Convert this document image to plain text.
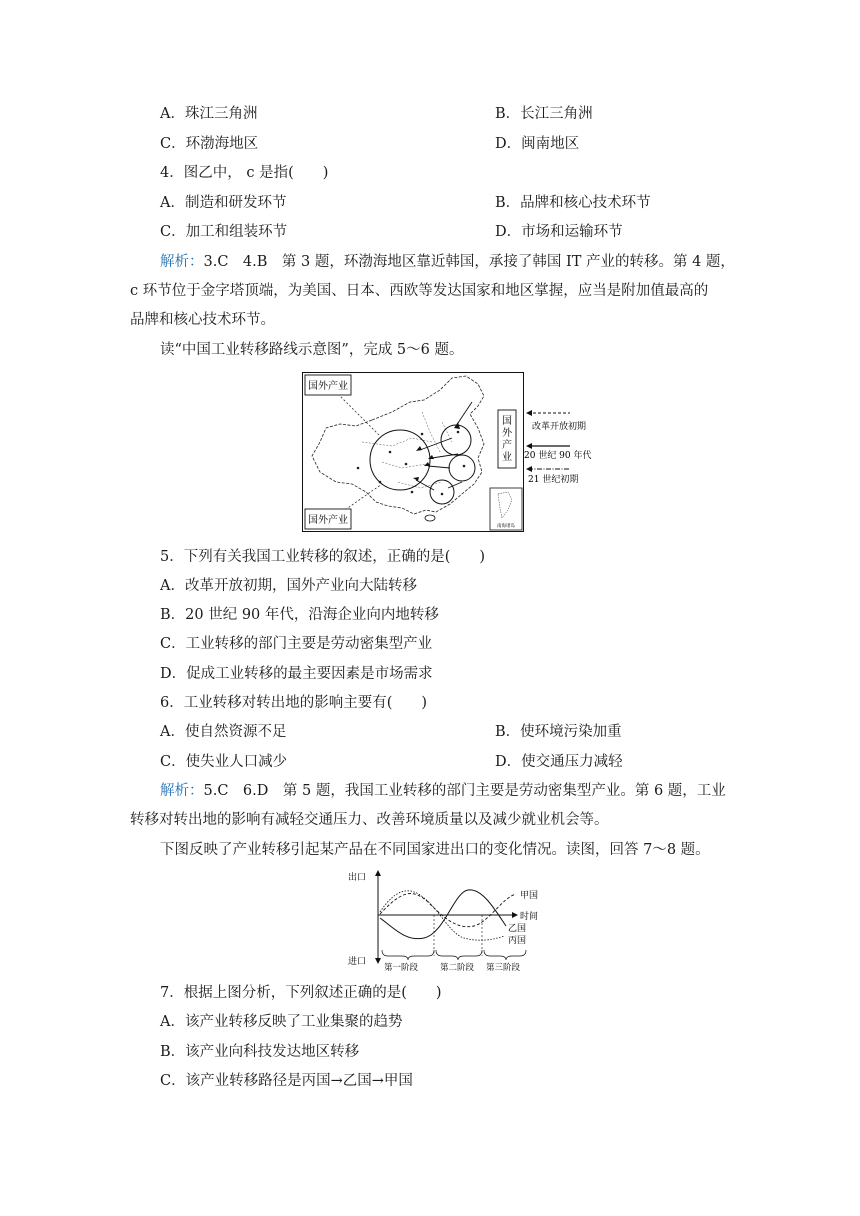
A．珠江三角洲	B．长江三角洲
C．环渤海地区	D．闽南地区
4．图乙中， c 是指(　　)
A．制造和研发环节	B．品牌和核心技术环节
C．加工和组装环节	D．市场和运输环节
解析：3.C　4.B　第 3 题，环渤海地区靠近韩国，承接了韩国 IT 产业的转移。第 4 题，
c 环节位于金字塔顶端，为美国、日本、西欧等发达国家和地区掌握，应当是附加值最高的
品牌和核心技术环节。
读“中国工业转移路线示意图”，完成 5～6 题。
国外产业
国外产业
国外产业
南海诸岛
改革开放初期
20 世纪 90 年代
21 世纪初期
5．下列有关我国工业转移的叙述，正确的是(　　)
A．改革开放初期，国外产业向大陆转移
B．20 世纪 90 年代，沿海企业向内地转移
C．工业转移的部门主要是劳动密集型产业
D．促成工业转移的最主要因素是市场需求
6．工业转移对转出地的影响主要有(　　)
A．使自然资源不足	B．使环境污染加重
C．使失业人口减少	D．使交通压力减轻
解析：5.C　6.D　第 5 题，我国工业转移的部门主要是劳动密集型产业。第 6 题，工业
转移对转出地的影响有减轻交通压力、改善环境质量以及减少就业机会等。
下图反映了产业转移引起某产品在不同国家进出口的变化情况。读图，回答 7～8 题。
出口
进口
时间
甲国
乙国
丙国
第一阶段	第二阶段 第三阶段
7．根据上图分析，下列叙述正确的是(　　)
A．该产业转移反映了工业集聚的趋势
B．该产业向科技发达地区转移
C．该产业转移路径是丙国→乙国→甲国
